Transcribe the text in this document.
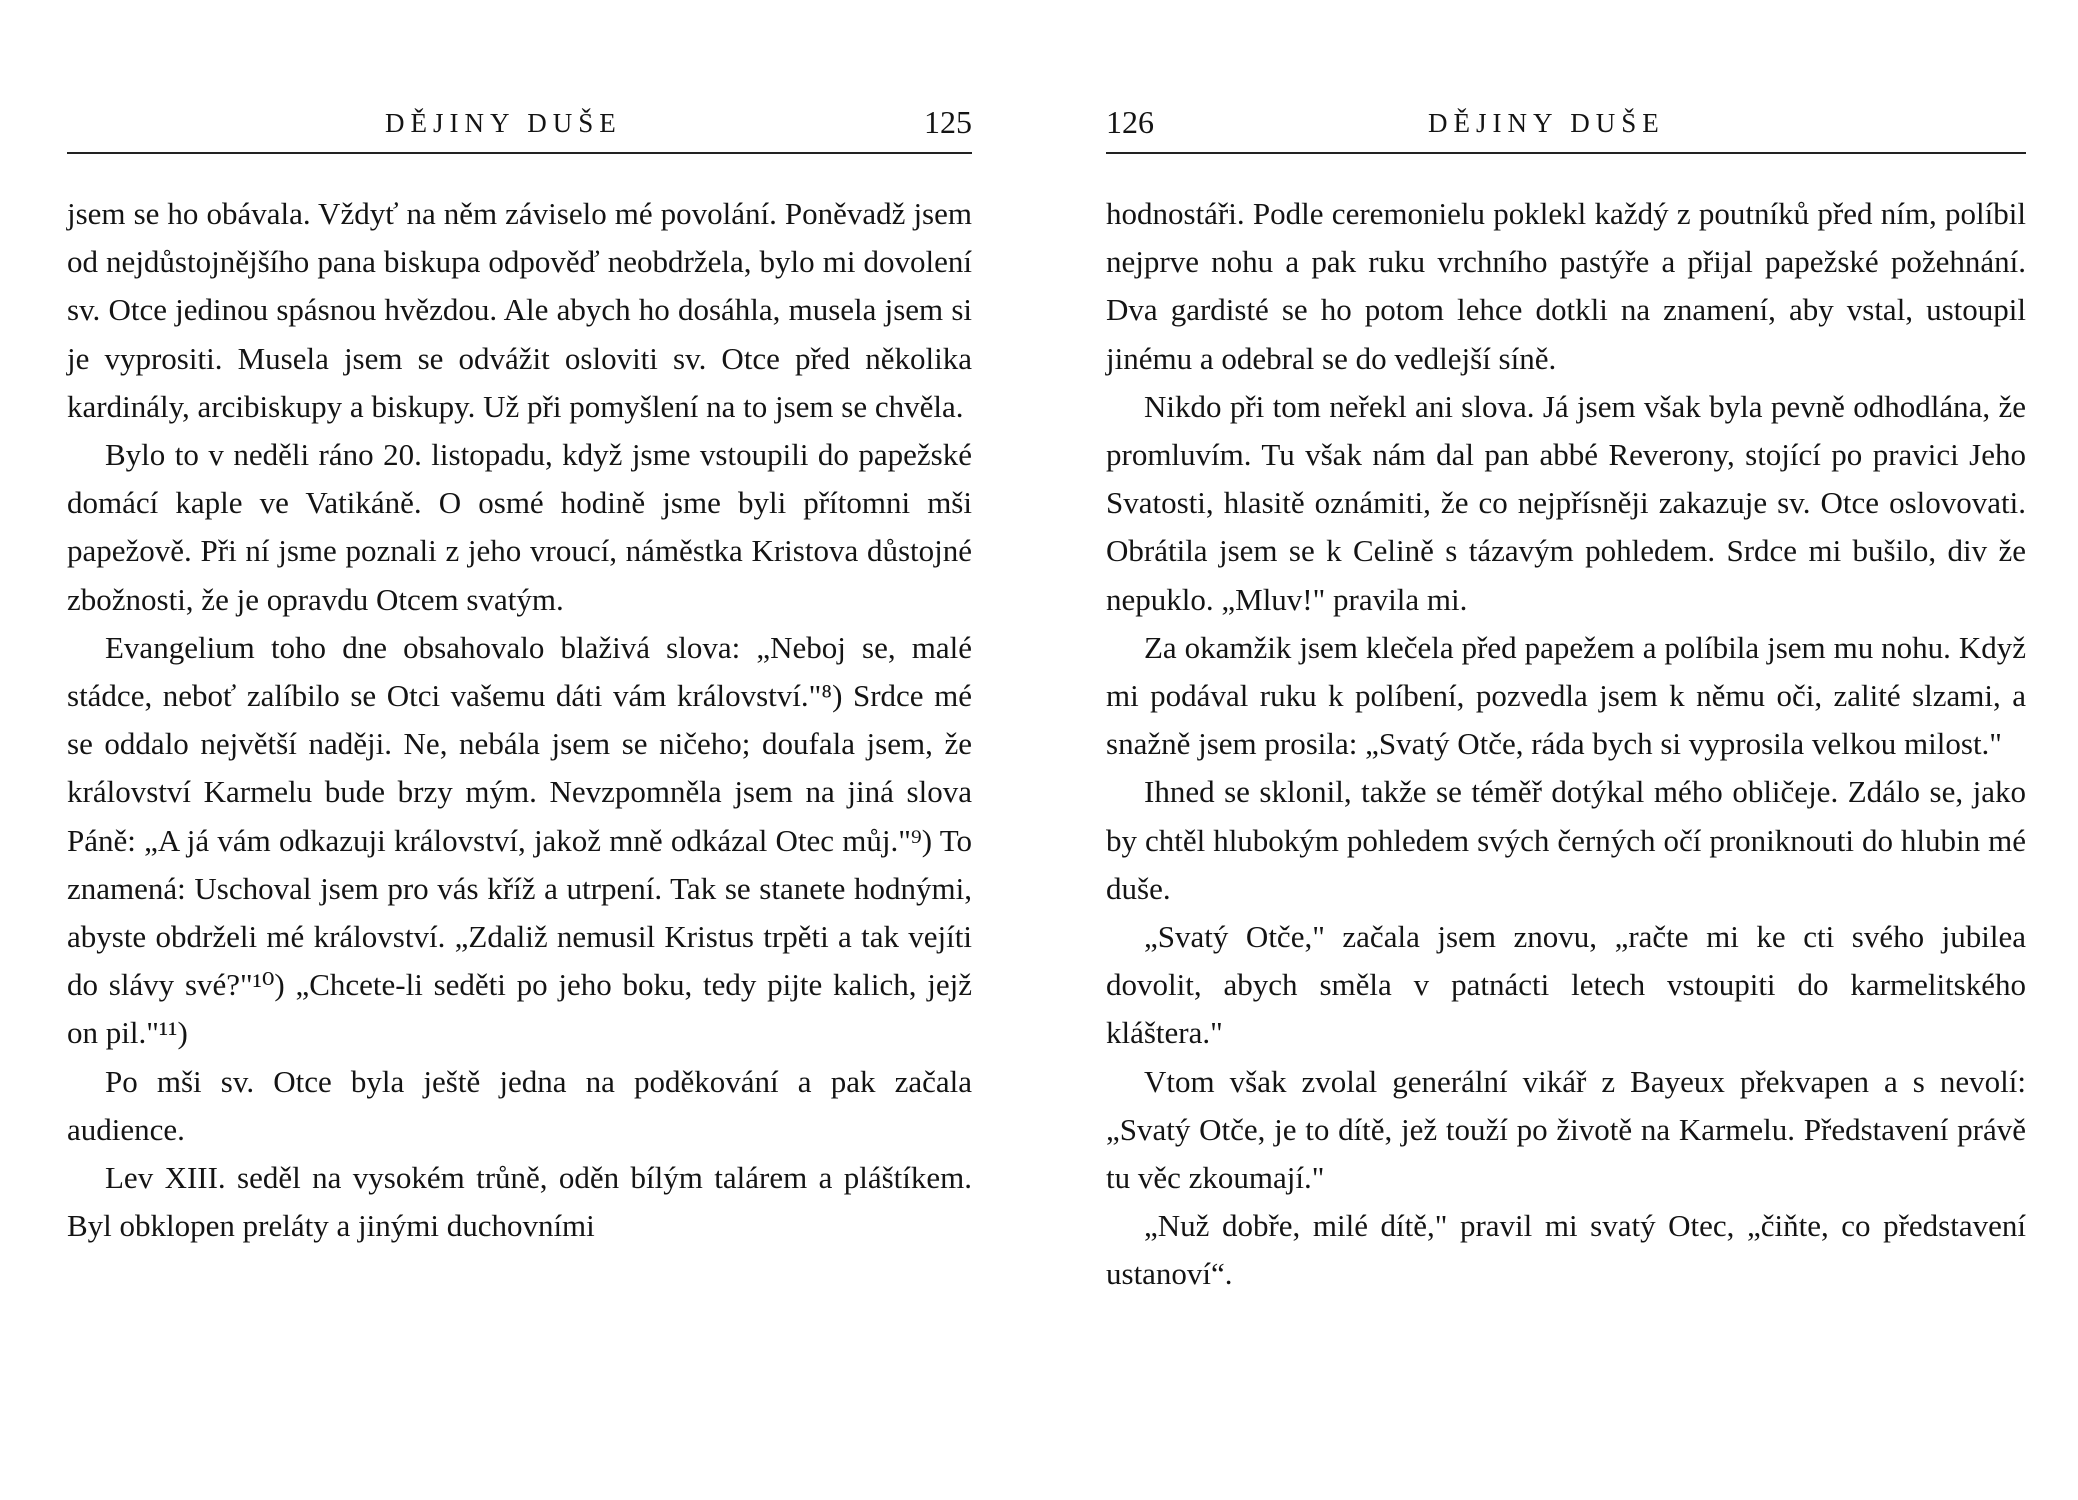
DĚJINY DUŠE	125

jsem se ho obávala. Vždyť na něm záviselo mé povolání. Poněvadž jsem od nejdůstojnějšího pana biskupa odpověď neobdržela, bylo mi dovolení sv. Otce jedinou spásnou hvězdou. Ale abych ho dosáhla, musela jsem si je vyprositi. Musela jsem se odvážit osloviti sv. Otce před několika kardinály, arcibiskupy a biskupy. Už při pomyšlení na to jsem se chvěla.

Bylo to v neděli ráno 20. listopadu, když jsme vstoupili do papežské domácí kaple ve Vatikáně. O osmé hodině jsme byli přítomni mši papežově. Při ní jsme poznali z jeho vroucí, náměstka Kristova důstojné zbožnosti, že je opravdu Otcem svatým.

Evangelium toho dne obsahovalo blaživá slova: „Neboj se, malé stádce, neboť zalíbilo se Otci vašemu dáti vám království."⁸) Srdce mé se oddalo největší naději. Ne, nebála jsem se ničeho; doufala jsem, že království Karmelu bude brzy mým. Nevzpomněla jsem na jiná slova Páně: „A já vám odkazuji království, jakož mně odkázal Otec můj."⁹) To znamená: Uschoval jsem pro vás kříž a utrpení. Tak se stanete hodnými, abyste obdrželi mé království. „Zdaliž nemusil Kristus trpěti a tak vejíti do slávy své?"¹⁰) „Chcete-li seděti po jeho boku, tedy pijte kalich, jejž on pil."¹¹)

Po mši sv. Otce byla ještě jedna na poděkování a pak začala audience.

Lev XIII. seděl na vysokém trůně, oděn bílým talárem a pláštíkem. Byl obklopen preláty a jinými duchovními

126	DĚJINY DUŠE

hodnostáři. Podle ceremonielu poklekl každý z poutníků před ním, políbil nejprve nohu a pak ruku vrchního pastýře a přijal papežské požehnání. Dva gardisté se ho potom lehce dotkli na znamení, aby vstal, ustoupil jinému a odebral se do vedlejší síně.

Nikdo při tom neřekl ani slova. Já jsem však byla pevně odhodlána, že promluvím. Tu však nám dal pan abbé Reverony, stojící po pravici Jeho Svatosti, hlasitě oznámiti, že co nejpřísněji zakazuje sv. Otce oslovovati. Obrátila jsem se k Celině s tázavým pohledem. Srdce mi bušilo, div že nepuklo. „Mluv!" pravila mi.

Za okamžik jsem klečela před papežem a políbila jsem mu nohu. Když mi podával ruku k políbení, pozvedla jsem k němu oči, zalité slzami, a snažně jsem prosila: „Svatý Otče, ráda bych si vyprosila velkou milost."

Ihned se sklonil, takže se téměř dotýkal mého obličeje. Zdálo se, jako by chtěl hlubokým pohledem svých černých očí proniknouti do hlubin mé duše.

„Svatý Otče," začala jsem znovu, „račte mi ke cti svého jubilea dovolit, abych směla v patnácti letech vstoupiti do karmelitského kláštera."

Vtom však zvolal generální vikář z Bayeux překvapen a s nevolí: „Svatý Otče, je to dítě, jež touží po životě na Karmelu. Představení právě tu věc zkoumají."

„Nuž dobře, milé dítě," pravil mi svatý Otec, „čiňte, co představení ustanoví“.
